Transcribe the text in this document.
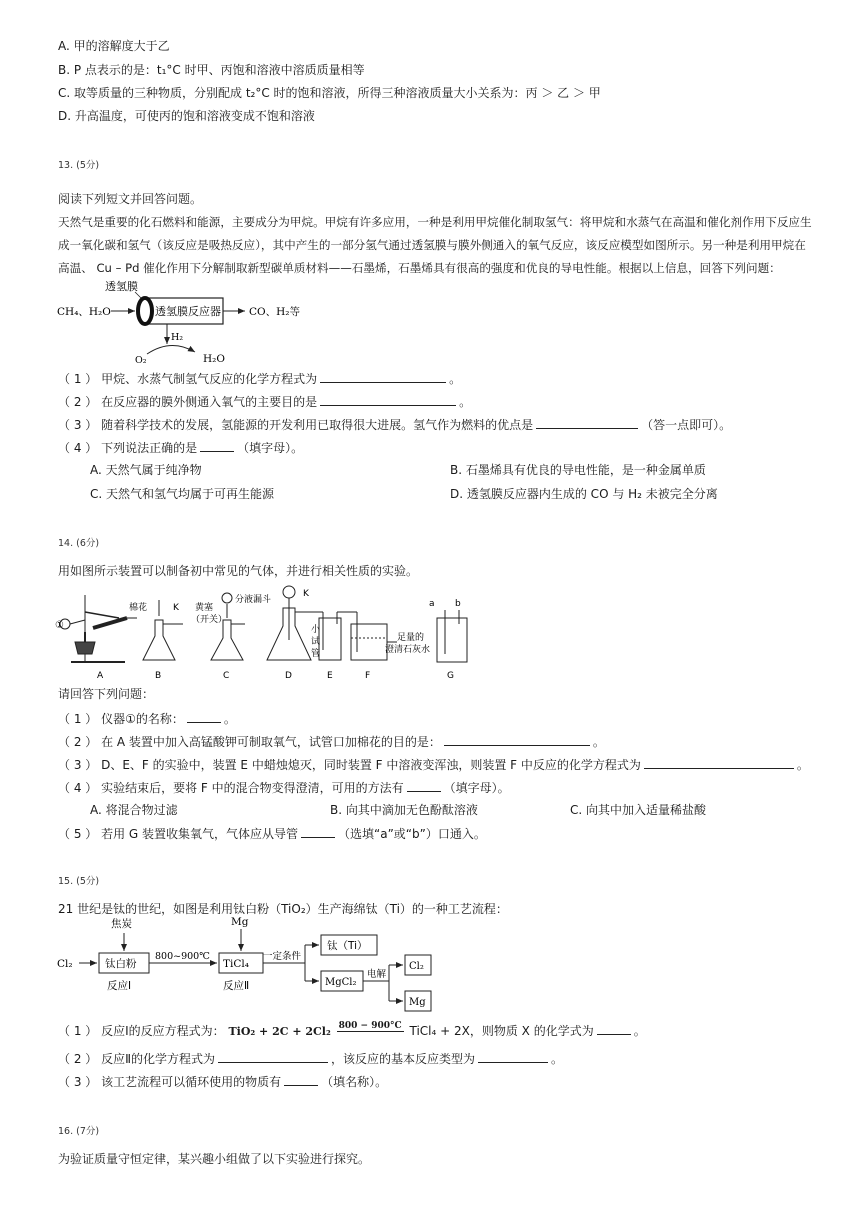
A. 甲的溶解度大于乙
B. P 点表示的是：t₁°C 时甲、丙饱和溶液中溶质质量相等
C. 取等质量的三种物质，分别配成 t₂°C 时的饱和溶液，所得三种溶液质量大小关系为：丙 ＞ 乙 ＞ 甲
D. 升高温度，可使丙的饱和溶液变成不饱和溶液
13. (5分)
阅读下列短文并回答问题。
天然气是重要的化石燃料和能源，主要成分为甲烷。甲烷有许多应用，一种是利用甲烷催化制取氢气：将甲烷和水蒸气在高温和催化剂作用下反应生
成一氧化碳和氢气（该反应是吸热反应），其中产生的一部分氢气通过透氢膜与膜外侧通入的氧气反应，该反应模型如图所示。另一种是利用甲烷在
高温、 Cu – Pd 催化作用下分解制取新型碳单质材料——石墨烯，石墨烯具有很高的强度和优良的导电性能。根据以上信息，回答下列问题：
透氢膜
CH₄、H₂O	透氢膜反应器	CO、H₂等
H₂
O₂	H₂O
（ 1 ） 甲烷、水蒸气制氢气反应的化学方程式为	。
（ 2 ） 在反应器的膜外侧通入氧气的主要目的是	。
（ 3 ） 随着科学技术的发展，氢能源的开发利用已取得很大进展。氢气作为燃料的优点是	（答一点即可）。
（ 4 ） 下列说法正确的是	（填字母）。
A. 天然气属于纯净物	B. 石墨烯具有优良的导电性能，是一种金属单质
C. 天然气和氢气均属于可再生能源	D. 透氢膜反应器内生成的 CO 与 H₂ 未被完全分离
14. (6分)
用如图所示装置可以制备初中常见的气体，并进行相关性质的实验。
棉花	K 黄塞
（开关）
分液漏斗
K
小
试
管
足量的
澄清石灰水
a b
①
A	B	C	D	E	F	G
请回答下列问题：
（ 1 ） 仪器①的名称：	。
（ 2 ） 在 A 装置中加入高锰酸钾可制取氧气，试管口加棉花的目的是：	。
（ 3 ） D、E、F 的实验中，装置 E 中蜡烛熄灭，同时装置 F 中溶液变浑浊，则装置 F 中反应的化学方程式为	。
（ 4 ） 实验结束后，要将 F 中的混合物变得澄清，可用的方法有	（填字母）。
A. 将混合物过滤	B. 向其中滴加无色酚酞溶液	C. 向其中加入适量稀盐酸
（ 5 ） 若用 G 装置收集氧气，气体应从导管	（选填“a”或“b”）口通入。
15. (5分)
21 世纪是钛的世纪，如图是利用钛白粉（TiO₂）生产海绵钛（Ti）的一种工艺流程：
焦炭	Mg
Cl₂	钛白粉
800~900℃
TiCl₄
一定条件
钛（Ti）
MgCl₂
电解
Cl₂
Mg
反应Ⅰ	反应Ⅱ
（ 1 ） 反应Ⅰ的反应方程式为： TiO₂ + 2C + 2Cl₂ 800 − 900°C TiCl₄ + 2X，则物质 X 的化学式为	。
（ 2 ） 反应Ⅱ的化学方程式为	，该反应的基本反应类型为	。
（ 3 ） 该工艺流程可以循环使用的物质有	（填名称）。
16. (7分)
为验证质量守恒定律，某兴趣小组做了以下实验进行探究。
